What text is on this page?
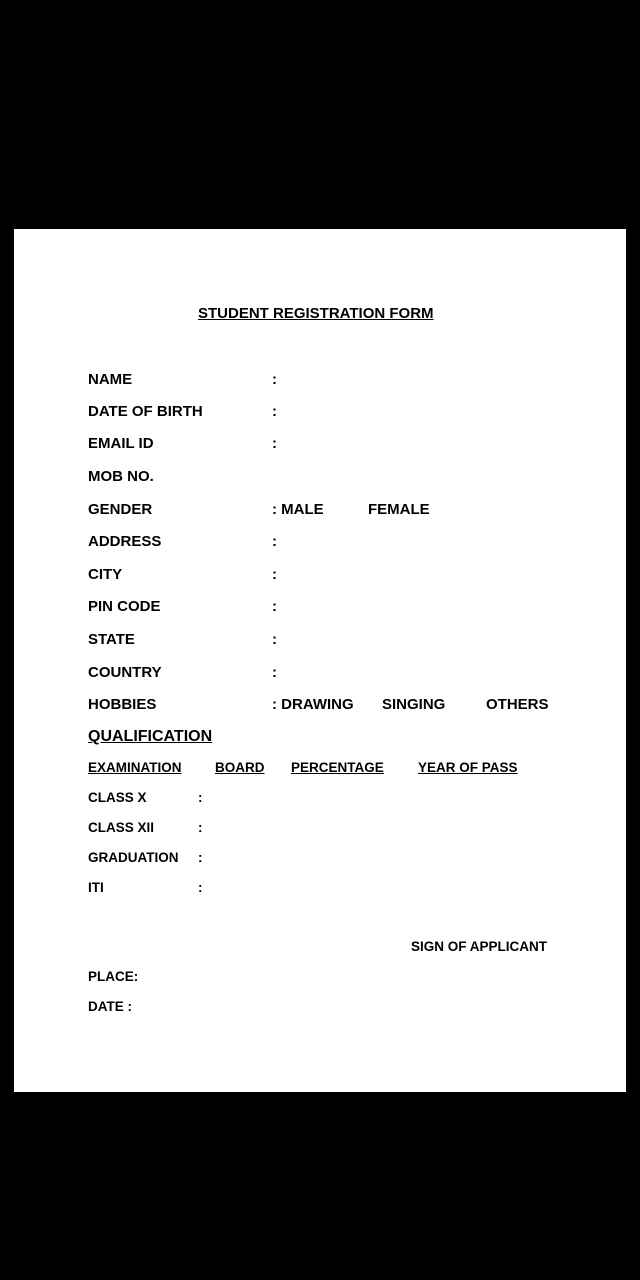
STUDENT REGISTRATION FORM
NAME	:
DATE OF BIRTH	:
EMAIL ID	:
MOB NO.
GENDER	: MALE	FEMALE
ADDRESS	:
CITY	:
PIN CODE	:
STATE	:
COUNTRY	:
HOBBIES	: DRAWING SINGING	OTHERS
QUALIFICATION
EXAMINATION BOARD PERCENTAGE	YEAR OF PASS
CLASS X	:
CLASS XII	:
GRADUATION :
ITI	:
SIGN OF APPLICANT
PLACE:
DATE :
